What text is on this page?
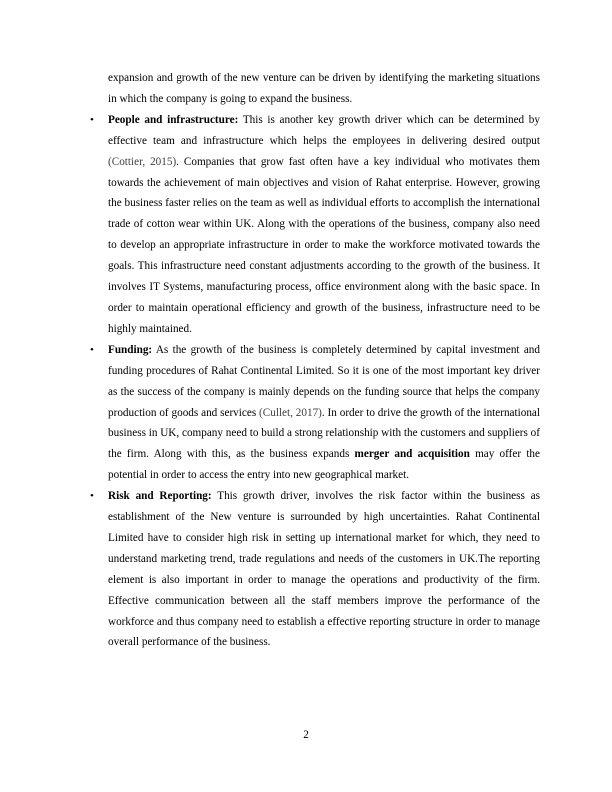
expansion and growth of the new venture can be driven by identifying the marketing situations in which the company is going to expand the business.

• People and infrastructure: This is another key growth driver which can be determined by effective team and infrastructure which helps the employees in delivering desired output (Cottier, 2015). Companies that grow fast often have a key individual who motivates them towards the achievement of main objectives and vision of Rahat enterprise. However, growing the business faster relies on the team as well as individual efforts to accomplish the international trade of cotton wear within UK. Along with the operations of the business, company also need to develop an appropriate infrastructure in order to make the workforce motivated towards the goals. This infrastructure need constant adjustments according to the growth of the business. It involves IT Systems, manufacturing process, office environment along with the basic space. In order to maintain operational efficiency and growth of the business, infrastructure need to be highly maintained.

• Funding: As the growth of the business is completely determined by capital investment and funding procedures of Rahat Continental Limited. So it is one of the most important key driver as the success of the company is mainly depends on the funding source that helps the company production of goods and services (Cullet, 2017). In order to drive the growth of the international business in UK, company need to build a strong relationship with the customers and suppliers of the firm. Along with this, as the business expands merger and acquisition may offer the potential in order to access the entry into new geographical market.

• Risk and Reporting: This growth driver, involves the risk factor within the business as establishment of the New venture is surrounded by high uncertainties. Rahat Continental Limited have to consider high risk in setting up international market for which, they need to understand marketing trend, trade regulations and needs of the customers in UK.The reporting element is also important in order to manage the operations and productivity of the firm. Effective communication between all the staff members improve the performance of the workforce and thus company need to establish a effective reporting structure in order to manage overall performance of the business.

2
